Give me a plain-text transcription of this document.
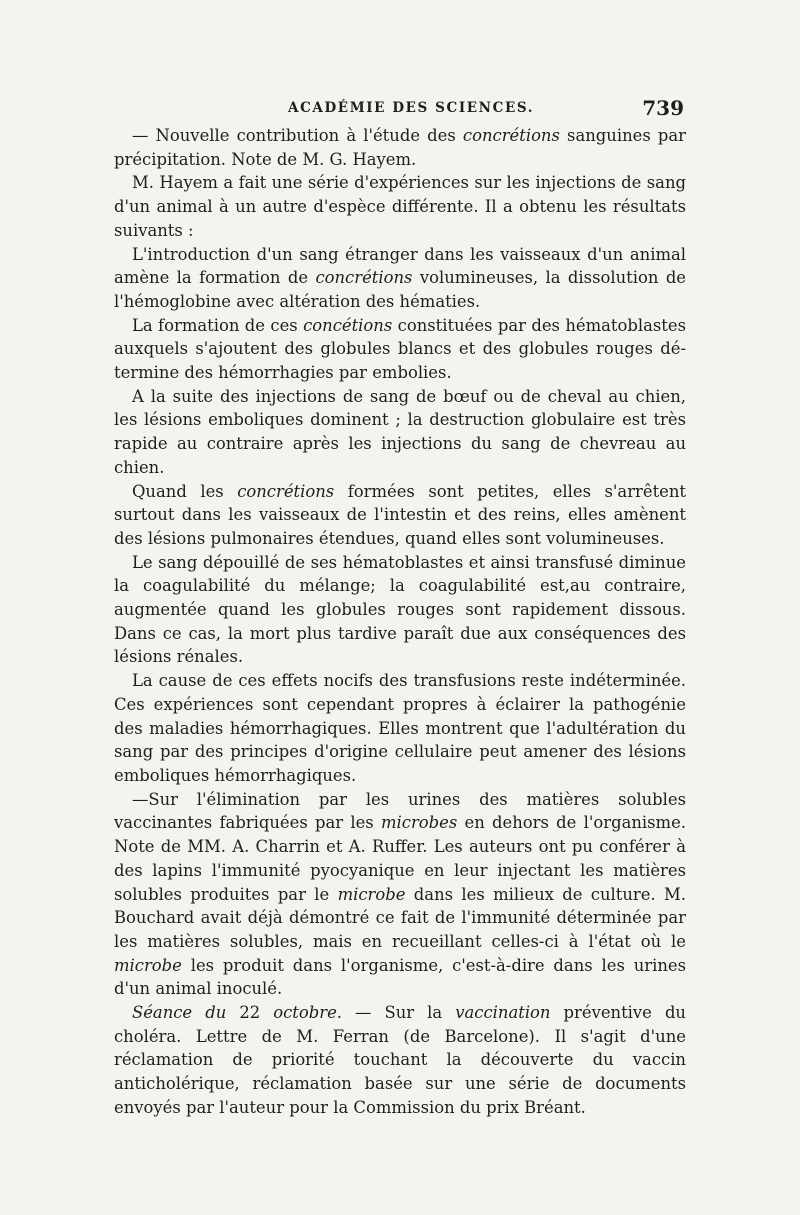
ACADÉMIE DES SCIENCES.	739

— Nouvelle contribution à l'étude des concrétions sanguines par précipitation. Note de M. G. Hayem.

M. Hayem a fait une série d'expériences sur les injections de sang d'un animal à un autre d'espèce différente. Il a obtenu les résultats suivants :

L'introduction d'un sang étranger dans les vaisseaux d'un animal amène la formation de concrétions volumineuses, la dissolution de l'hémoglobine avec altération des hématies.

La formation de ces concétions constituées par des hématoblastes auxquels s'ajoutent des globules blancs et des globules rouges détermine des hémorrhagies par embolies.

A la suite des injections de sang de bœuf ou de cheval au chien, les lésions emboliques dominent ; la destruction globulaire est très rapide au contraire après les injections du sang de chevreau au chien.

Quand les concrétions formées sont petites, elles s'arrêtent surtout dans les vaisseaux de l'intestin et des reins, elles amènent des lésions pulmonaires étendues, quand elles sont volumineuses.

Le sang dépouillé de ses hématoblastes et ainsi transfusé diminue la coagulabilité du mélange; la coagulabilité est,au contraire, augmentée quand les globules rouges sont rapidement dissous. Dans ce cas, la mort plus tardive paraît due aux conséquences des lésions rénales.

La cause de ces effets nocifs des transfusions reste indéterminée. Ces expériences sont cependant propres à éclairer la pathogénie des maladies hémorrhagiques. Elles montrent que l'adultération du sang par des principes d'origine cellulaire peut amener des lésions emboliques hémorrhagiques.

—Sur l'élimination par les urines des matières solubles vaccinantes fabriquées par les microbes en dehors de l'organisme. Note de MM. A. Charrin et A. Ruffer. Les auteurs ont pu conférer à des lapins l'immunité pyocyanique en leur injectant les matières solubles produites par le microbe dans les milieux de culture. M. Bouchard avait déjà démontré ce fait de l'immunité déterminée par les matières solubles, mais en recueillant celles-ci à l'état où le microbe les produit dans l'organisme, c'est-à-dire dans les urines d'un animal inoculé.

Séance du 22 octobre. — Sur la vaccination préventive du choléra. Lettre de M. Ferran (de Barcelone). Il s'agit d'une réclamation de priorité touchant la découverte du vaccin anticholérique, réclamation basée sur une série de documents envoyés par l'auteur pour la Commission du prix Bréant.
